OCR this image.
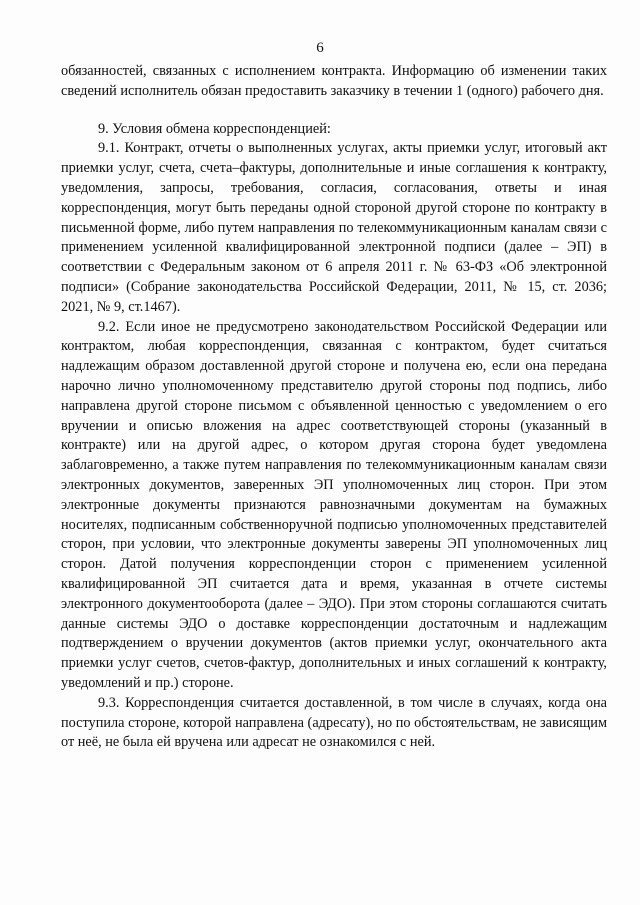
6

обязанностей, связанных с исполнением контракта. Информацию об изменении таких сведений исполнитель обязан предоставить заказчику в течении 1 (одного) рабочего дня.

9. Условия обмена корреспонденцией:

9.1. Контракт, отчеты о выполненных услугах, акты приемки услуг, итоговый акт приемки услуг, счета, счета–фактуры, дополнительные и иные соглашения к контракту, уведомления, запросы, требования, согласия, согласования, ответы и иная корреспонденция, могут быть переданы одной стороной другой стороне по контракту в письменной форме, либо путем направления по телекоммуникационным каналам связи с применением усиленной квалифицированной электронной подписи (далее – ЭП) в соответствии с Федеральным законом от 6 апреля 2011 г. № 63-ФЗ «Об электронной подписи» (Собрание законодательства Российской Федерации, 2011, № 15, ст. 2036; 2021, № 9, ст.1467).

9.2. Если иное не предусмотрено законодательством Российской Федерации или контрактом, любая корреспонденция, связанная с контрактом, будет считаться надлежащим образом доставленной другой стороне и получена ею, если она передана нарочно лично уполномоченному представителю другой стороны под подпись, либо направлена другой стороне письмом с объявленной ценностью с уведомлением о его вручении и описью вложения на адрес соответствующей стороны (указанный в контракте) или на другой адрес, о котором другая сторона будет уведомлена заблаговременно, а также путем направления по телекоммуникационным каналам связи электронных документов, заверенных ЭП уполномоченных лиц сторон. При этом электронные документы признаются равнозначными документам на бумажных носителях, подписанным собственноручной подписью уполномоченных представителей сторон, при условии, что электронные документы заверены ЭП уполномоченных лиц сторон. Датой получения корреспонденции сторон с применением усиленной квалифицированной ЭП считается дата и время, указанная в отчете системы электронного документооборота (далее – ЭДО). При этом стороны соглашаются считать данные системы ЭДО о доставке корреспонденции достаточным и надлежащим подтверждением о вручении документов (актов приемки услуг, окончательного акта приемки услуг счетов, счетов-фактур, дополнительных и иных соглашений к контракту, уведомлений и пр.) стороне.

9.3. Корреспонденция считается доставленной, в том числе в случаях, когда она поступила стороне, которой направлена (адресату), но по обстоятельствам, не зависящим от неё, не была ей вручена или адресат не ознакомился с ней.
